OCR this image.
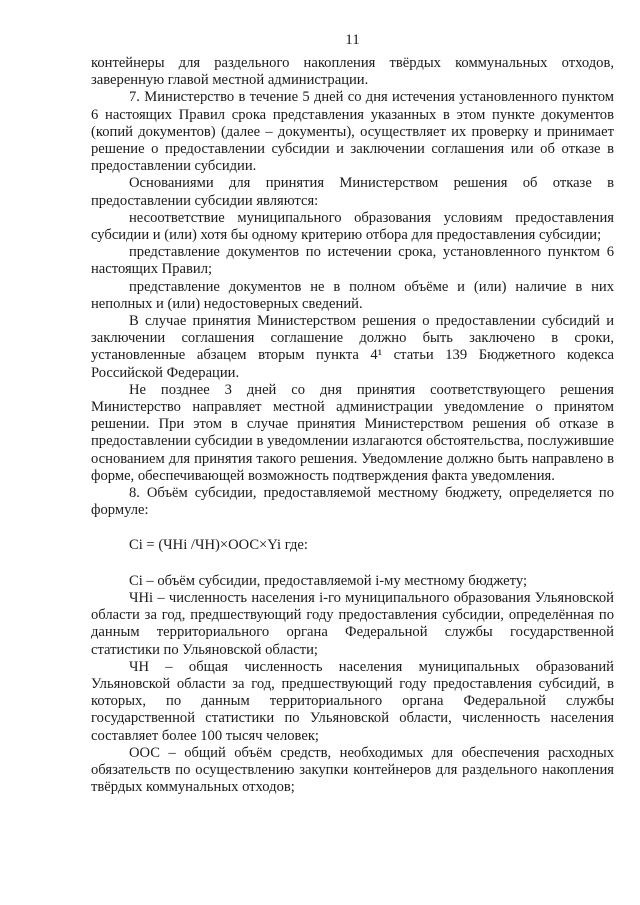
11

контейнеры для раздельного накопления твёрдых коммунальных отходов, заверенную главой местной администрации.

7. Министерство в течение 5 дней со дня истечения установленного пунктом 6 настоящих Правил срока представления указанных в этом пункте документов (копий документов) (далее – документы), осуществляет их проверку и принимает решение о предоставлении субсидии и заключении соглашения или об отказе в предоставлении субсидии.

Основаниями для принятия Министерством решения об отказе в предоставлении субсидии являются:

несоответствие муниципального образования условиям предоставления субсидии и (или) хотя бы одному критерию отбора для предоставления субсидии;

представление документов по истечении срока, установленного пунктом 6 настоящих Правил;

представление документов не в полном объёме и (или) наличие в них неполных и (или) недостоверных сведений.

В случае принятия Министерством решения о предоставлении субсидий и заключении соглашения соглашение должно быть заключено в сроки, установленные абзацем вторым пункта 4¹ статьи 139 Бюджетного кодекса Российской Федерации.

Не позднее 3 дней со дня принятия соответствующего решения Министерство направляет местной администрации уведомление о принятом решении. При этом в случае принятия Министерством решения об отказе в предоставлении субсидии в уведомлении излагаются обстоятельства, послужившие основанием для принятия такого решения. Уведомление должно быть направлено в форме, обеспечивающей возможность подтверждения факта уведомления.

8. Объём субсидии, предоставляемой местному бюджету, определяется по формуле:

Ci = (ЧНi /ЧН)×ООС×Yi где:

Ci – объём субсидии, предоставляемой i-му местному бюджету;

ЧНi – численность населения i-го муниципального образования Ульяновской области за год, предшествующий году предоставления субсидии, определённая по данным территориального органа Федеральной службы государственной статистики по Ульяновской области;

ЧН – общая численность населения муниципальных образований Ульяновской области за год, предшествующий году предоставления субсидий, в которых, по данным территориального органа Федеральной службы государственной статистики по Ульяновской области, численность населения составляет более 100 тысяч человек;

ООС – общий объём средств, необходимых для обеспечения расходных обязательств по осуществлению закупки контейнеров для раздельного накопления твёрдых коммунальных отходов;
